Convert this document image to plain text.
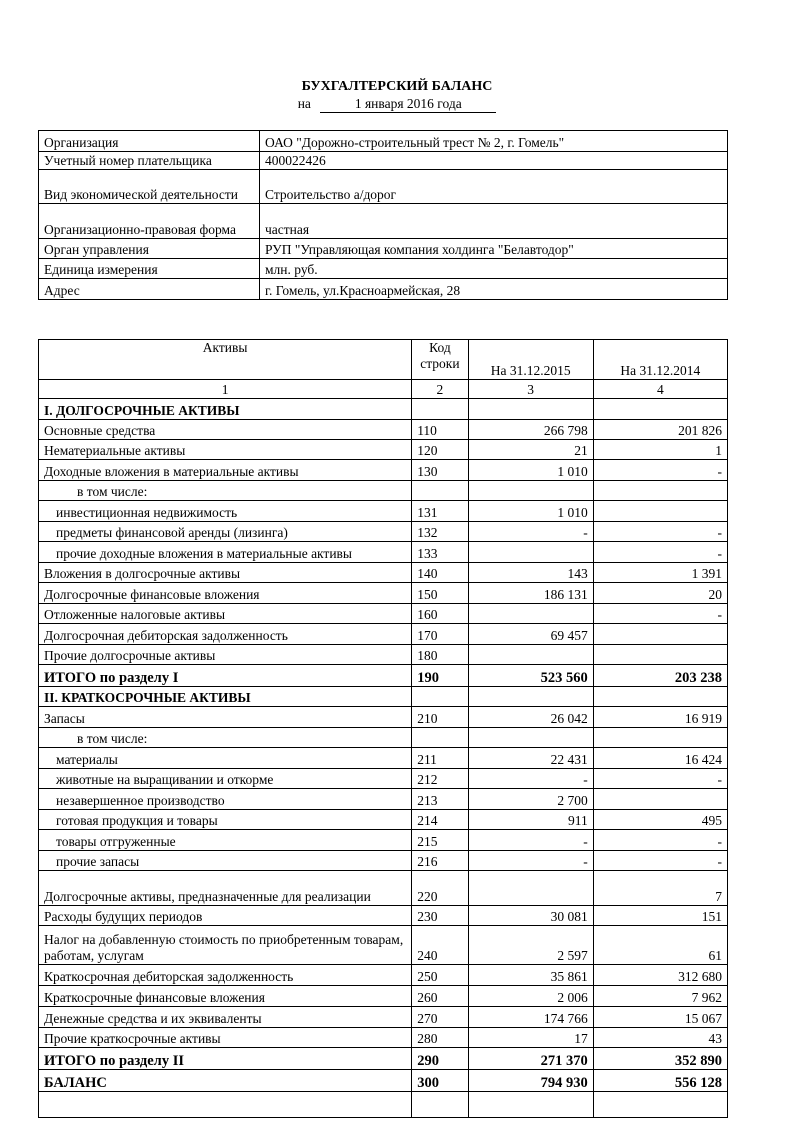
БУХГАЛТЕРСКИЙ БАЛАНС
на	1 января 2016 года
Организация	ОАО "Дорожно-строительный трест № 2, г. Гомель"
Учетный номер плательщика	400022426
Вид экономической деятельности	Строительство а/дорог
Организационно-правовая форма	частная
Орган управления	РУП "Управляющая компания холдинга "Белавтодор"
Единица измерения	млн. руб.
Адрес	г. Гомель, ул.Красноармейская, 28
Активы	Код строки	На 31.12.2015	На 31.12.2014
1	2	3	4
I. ДОЛГОСРОЧНЫЕ АКТИВЫ			
Основные средства	110	266 798	201 826
Нематериальные активы	120	21	1
Доходные вложения в материальные активы	130	1 010	-
в том числе:			
инвестиционная недвижимость	131	1 010	
предметы финансовой аренды (лизинга)	132	-	-
прочие доходные вложения в материальные активы	133		-
Вложения в долгосрочные активы	140	143	1 391
Долгосрочные финансовые вложения	150	186 131	20
Отложенные налоговые активы	160		-
Долгосрочная дебиторская задолженность	170	69 457	
Прочие долгосрочные активы	180		
ИТОГО по разделу I	190	523 560	203 238
II. КРАТКОСРОЧНЫЕ АКТИВЫ			
Запасы	210	26 042	16 919
в том числе:			
материалы	211	22 431	16 424
животные на выращивании и откорме	212	-	-
незавершенное производство	213	2 700	
готовая продукция и товары	214	911	495
товары отгруженные	215	-	-
прочие запасы	216	-	-
Долгосрочные активы, предназначенные для реализации	220		7
Расходы будущих периодов	230	30 081	151
Налог на добавленную стоимость по приобретенным товарам, работам, услугам	240	2 597	61
Краткосрочная дебиторская задолженность	250	35 861	312 680
Краткосрочные финансовые вложения	260	2 006	7 962
Денежные средства и их эквиваленты	270	174 766	15 067
Прочие краткосрочные активы	280	17	43
ИТОГО по разделу II	290	271 370	352 890
БАЛАНС	300	794 930	556 128
